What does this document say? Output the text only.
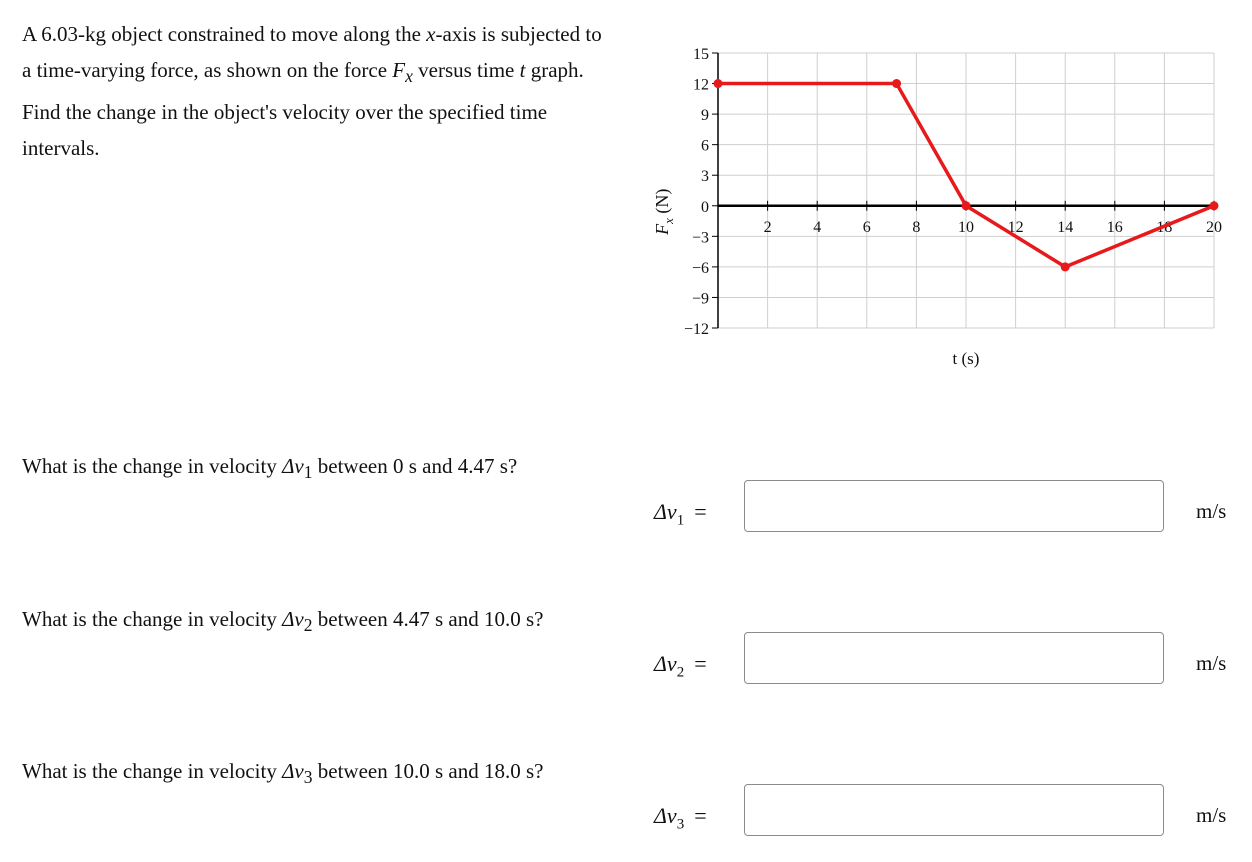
A 6.03-kg object constrained to move along the x-axis is subjected to a time-varying force, as shown on the force $F_x$ versus time t graph. Find the change in the object's velocity over the specified time intervals.
15
12
9
6
3
0
−3
−6
−9
−12
2	4	6	8 10 12 14 16 18 20
t (s)
$F_x$ (N)
What is the change in velocity $\Delta v_1$ between 0 s and 4.47 s?
$\Delta v_1$ =	m/s
What is the change in velocity $\Delta v_2$ between 4.47 s and 10.0 s?
$\Delta v_2$ =	m/s
What is the change in velocity $\Delta v_3$ between 10.0 s and 18.0 s?
$\Delta v_3$ =	m/s
